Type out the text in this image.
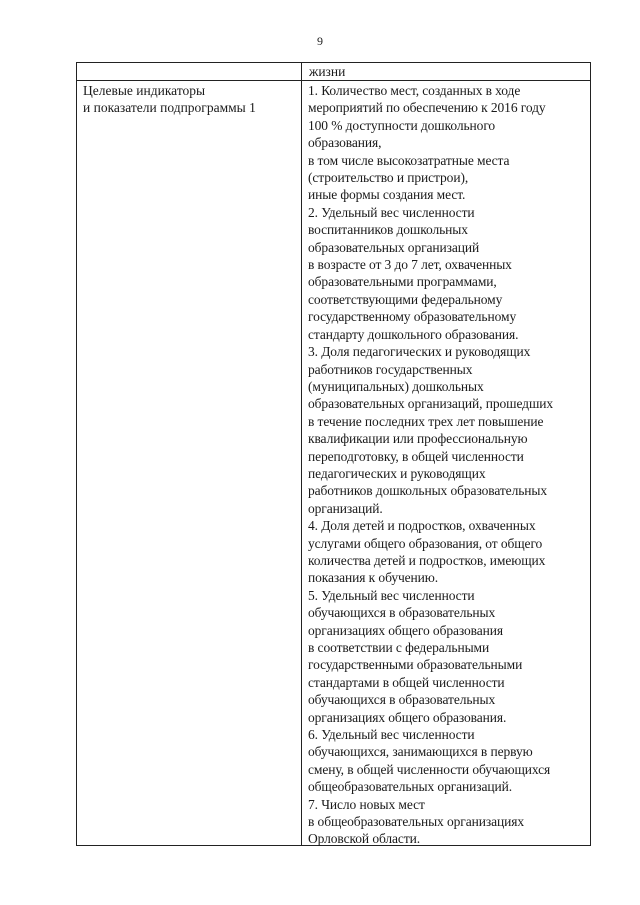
9
жизни
Целевые индикаторы
и показатели подпрограммы 1
1. Количество мест, созданных в ходе
мероприятий по обеспечению к 2016 году
100 % доступности дошкольного
образования,
в том числе высокозатратные места
(строительство и пристрои),
иные формы создания мест.
2. Удельный вес численности
воспитанников дошкольных
образовательных организаций
в возрасте от 3 до 7 лет, охваченных
образовательными программами,
соответствующими федеральному
государственному образовательному
стандарту дошкольного образования.
3. Доля педагогических и руководящих
работников государственных
(муниципальных) дошкольных
образовательных организаций, прошедших
в течение последних трех лет повышение
квалификации или профессиональную
переподготовку, в общей численности
педагогических и руководящих
работников дошкольных образовательных
организаций.
4. Доля детей и подростков, охваченных
услугами общего образования, от общего
количества детей и подростков, имеющих
показания к обучению.
5. Удельный вес численности
обучающихся в образовательных
организациях общего образования
в соответствии с федеральными
государственными образовательными
стандартами в общей численности
обучающихся в образовательных
организациях общего образования.
6. Удельный вес численности
обучающихся, занимающихся в первую
смену, в общей численности обучающихся
общеобразовательных организаций.
7. Число новых мест
в общеобразовательных организациях
Орловской области.
